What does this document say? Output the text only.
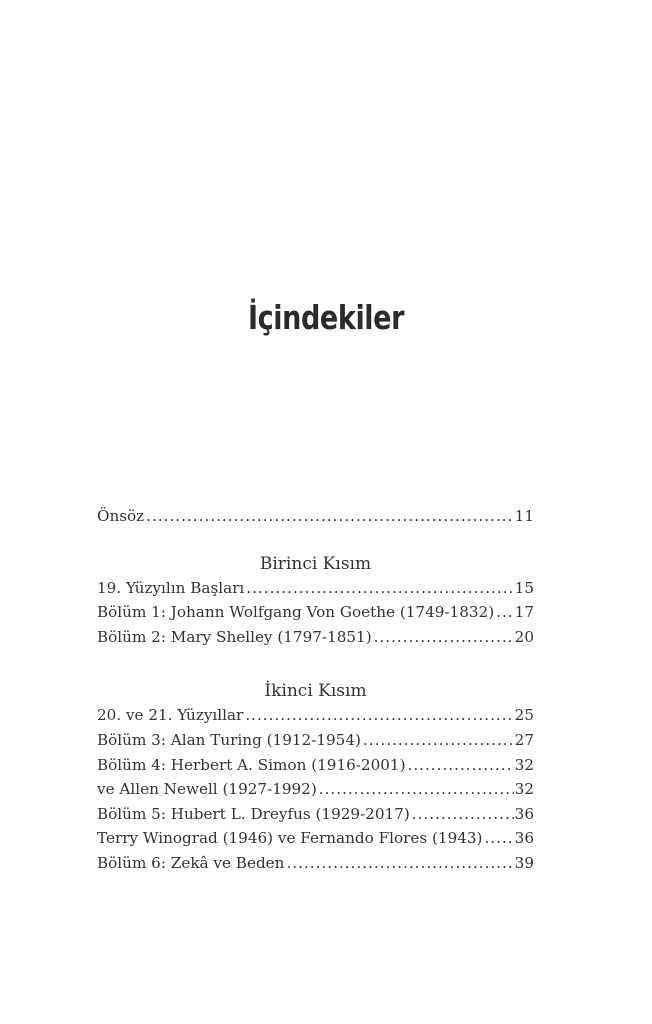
İçindekiler
Önsöz .....	11
Birinci Kısım
19. Yüzyılın Başları .....	15
Bölüm 1: Johann Wolfgang Von Goethe (1749-1832) ..... 17
Bölüm 2: Mary Shelley (1797-1851) .....	20
İkinci Kısım
20. ve 21. Yüzyıllar .....	25
Bölüm 3: Alan Turing (1912-1954) .....	27
Bölüm 4: Herbert A. Simon (1916-2001) .....	32
ve Allen Newell (1927-1992) .....	32
Bölüm 5: Hubert L. Dreyfus (1929-2017) .....	36
Terry Winograd (1946) ve Fernando Flores (1943) ..... 36
Bölüm 6: Zekâ ve Beden .....	39
